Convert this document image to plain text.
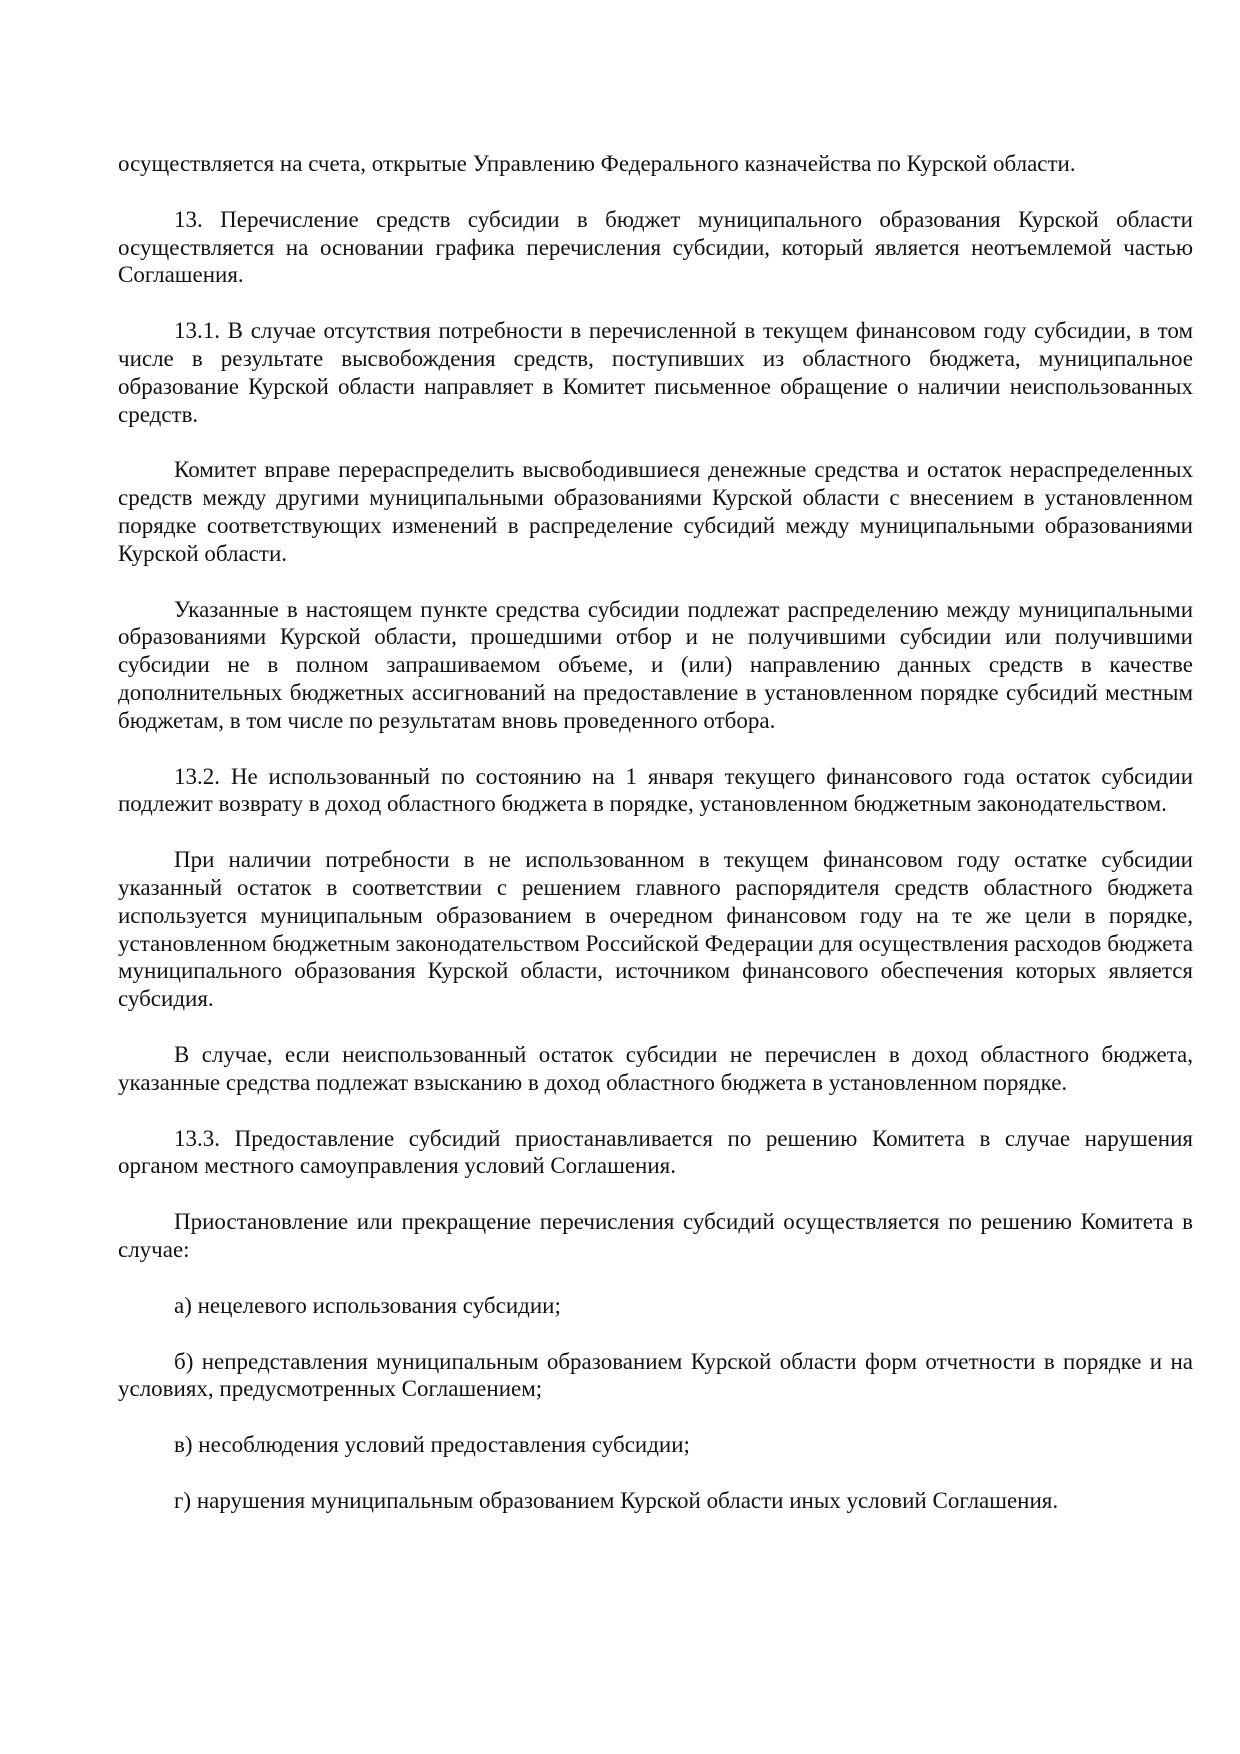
осуществляется на счета, открытые Управлению Федерального казначейства по Курской области.

13. Перечисление средств субсидии в бюджет муниципального образования Курской области осуществляется на основании графика перечисления субсидии, который является неотъемлемой частью Соглашения.

13.1. В случае отсутствия потребности в перечисленной в текущем финансовом году субсидии, в том числе в результате высвобождения средств, поступивших из областного бюджета, муниципальное образование Курской области направляет в Комитет письменное обращение о наличии неиспользованных средств.

Комитет вправе перераспределить высвободившиеся денежные средства и остаток нераспределенных средств между другими муниципальными образованиями Курской области с внесением в установленном порядке соответствующих изменений в распределение субсидий между муниципальными образованиями Курской области.

Указанные в настоящем пункте средства субсидии подлежат распределению между муниципальными образованиями Курской области, прошедшими отбор и не получившими субсидии или получившими субсидии не в полном запрашиваемом объеме, и (или) направлению данных средств в качестве дополнительных бюджетных ассигнований на предоставление в установленном порядке субсидий местным бюджетам, в том числе по результатам вновь проведенного отбора.

13.2. Не использованный по состоянию на 1 января текущего финансового года остаток субсидии подлежит возврату в доход областного бюджета в порядке, установленном бюджетным законодательством.

При наличии потребности в не использованном в текущем финансовом году остатке субсидии указанный остаток в соответствии с решением главного распорядителя средств областного бюджета используется муниципальным образованием в очередном финансовом году на те же цели в порядке, установленном бюджетным законодательством Российской Федерации для осуществления расходов бюджета муниципального образования Курской области, источником финансового обеспечения которых является субсидия.

В случае, если неиспользованный остаток субсидии не перечислен в доход областного бюджета, указанные средства подлежат взысканию в доход областного бюджета в установленном порядке.

13.3. Предоставление субсидий приостанавливается по решению Комитета в случае нарушения органом местного самоуправления условий Соглашения.

Приостановление или прекращение перечисления субсидий осуществляется по решению Комитета в случае:

а) нецелевого использования субсидии;

б) непредставления муниципальным образованием Курской области форм отчетности в порядке и на условиях, предусмотренных Соглашением;

в) несоблюдения условий предоставления субсидии;

г) нарушения муниципальным образованием Курской области иных условий Соглашения.
